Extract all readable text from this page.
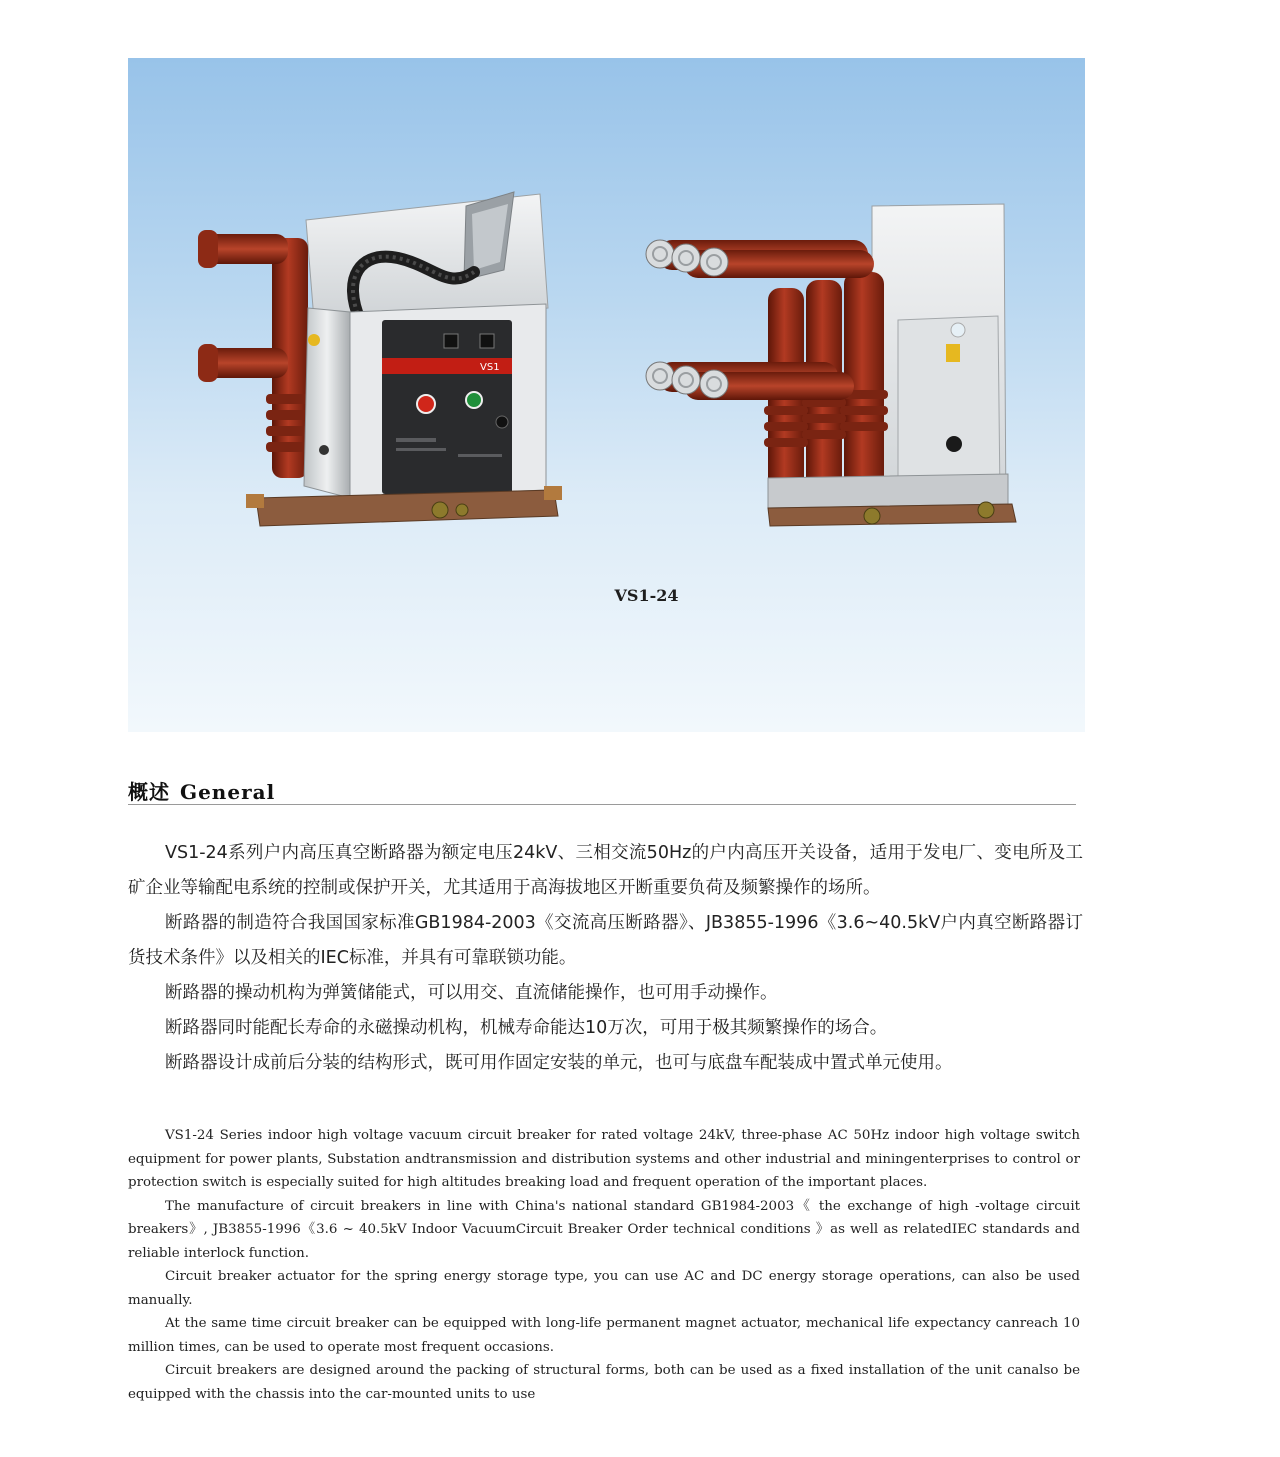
VS1
VS1-24
概述 General

VS1-24系列户内高压真空断路器为额定电压24kV、三相交流50Hz的户内高压开关设备，适用于发电厂、变电所及工矿企业等输配电系统的控制或保护开关，尤其适用于高海拔地区开断重要负荷及频繁操作的场所。

断路器的制造符合我国国家标准GB1984-2003《交流高压断路器》、JB3855-1996《3.6~40.5kV户内真空断路器订货技术条件》以及相关的IEC标准，并具有可靠联锁功能。

断路器的操动机构为弹簧储能式，可以用交、直流储能操作，也可用手动操作。

断路器同时能配长寿命的永磁操动机构，机械寿命能达10万次，可用于极其频繁操作的场合。

断路器设计成前后分装的结构形式，既可用作固定安装的单元，也可与底盘车配装成中置式单元使用。

VS1-24 Series indoor high voltage vacuum circuit breaker for rated voltage 24kV, three-phase AC 50Hz indoor high voltage switch equipment for power plants, Substation andtransmission and distribution systems and other industrial and miningenterprises to control or protection switch is especially suited for high altitudes breaking load and frequent operation of the important places.

The manufacture of circuit breakers in line with China's national standard GB1984-2003《 the exchange of high -voltage circuit breakers》, JB3855-1996《3.6 ~ 40.5kV Indoor VacuumCircuit Breaker Order technical conditions 》as well as relatedIEC standards and reliable interlock function.

Circuit breaker actuator for the spring energy storage type, you can use AC and DC energy storage operations, can also be used manually.

At the same time circuit breaker can be equipped with long-life permanent magnet actuator, mechanical life expectancy canreach 10 million times, can be used to operate most frequent occasions.

Circuit breakers are designed around the packing of structural forms, both can be used as a fixed installation of the unit canalso be equipped with the chassis into the car-mounted units to use
